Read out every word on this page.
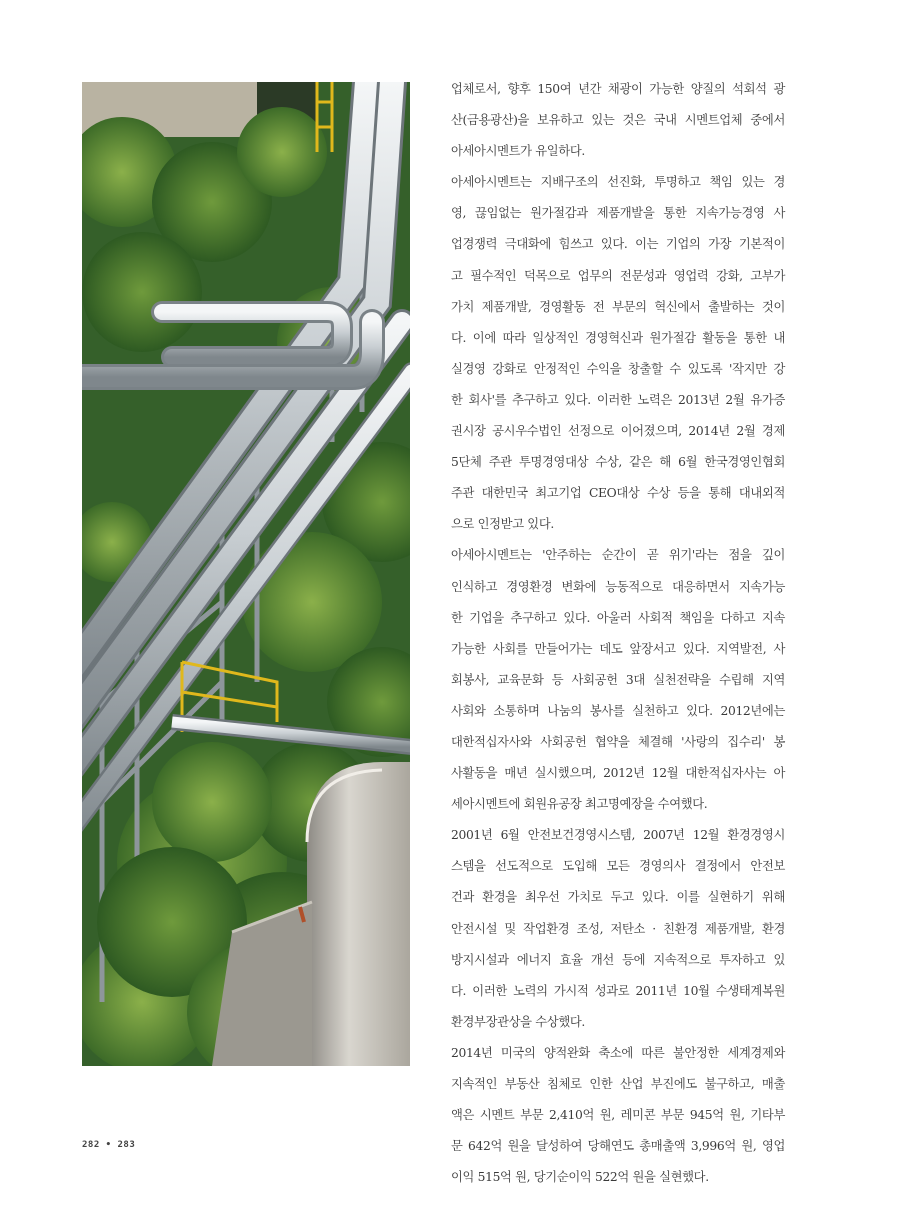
업체로서, 향후 150여 년간 채광이 가능한 양질의 석회석 광
산(금용광산)을 보유하고 있는 것은 국내 시멘트업체 중에서
아세아시멘트가 유일하다.
아세아시멘트는 지배구조의 선진화, 투명하고 책임 있는 경
영, 끊임없는 원가절감과 제품개발을 통한 지속가능경영 사
업경쟁력 극대화에 힘쓰고 있다. 이는 기업의 가장 기본적이
고 필수적인 덕목으로 업무의 전문성과 영업력 강화, 고부가
가치 제품개발, 경영활동 전 부문의 혁신에서 출발하는 것이
다. 이에 따라 일상적인 경영혁신과 원가절감 활동을 통한 내
실경영 강화로 안정적인 수익을 창출할 수 있도록 '작지만 강
한 회사'를 추구하고 있다. 이러한 노력은 2013년 2월 유가증
권시장 공시우수법인 선정으로 이어졌으며, 2014년 2월 경제
5단체 주관 투명경영대상 수상, 같은 해 6월 한국경영인협회
주관 대한민국 최고기업 CEO대상 수상 등을 통해 대내외적
으로 인정받고 있다.
아세아시멘트는 '안주하는 순간이 곧 위기'라는 점을 깊이
인식하고 경영환경 변화에 능동적으로 대응하면서 지속가능
한 기업을 추구하고 있다. 아울러 사회적 책임을 다하고 지속
가능한 사회를 만들어가는 데도 앞장서고 있다. 지역발전, 사
회봉사, 교육문화 등 사회공헌 3대 실천전략을 수립해 지역
사회와 소통하며 나눔의 봉사를 실천하고 있다. 2012년에는
대한적십자사와 사회공헌 협약을 체결해 '사랑의 집수리' 봉
사활동을 매년 실시했으며, 2012년 12월 대한적십자사는 아
세아시멘트에 회원유공장 최고명예장을 수여했다.
2001년 6월 안전보건경영시스템, 2007년 12월 환경경영시
스템을 선도적으로 도입해 모든 경영의사 결정에서 안전보
건과 환경을 최우선 가치로 두고 있다. 이를 실현하기 위해
안전시설 및 작업환경 조성, 저탄소 · 친환경 제품개발, 환경
방지시설과 에너지 효율 개선 등에 지속적으로 투자하고 있
다. 이러한 노력의 가시적 성과로 2011년 10월 수생태계복원
환경부장관상을 수상했다.
2014년 미국의 양적완화 축소에 따른 불안정한 세계경제와
지속적인 부동산 침체로 인한 산업 부진에도 불구하고, 매출
액은 시멘트 부문 2,410억 원, 레미콘 부문 945억 원, 기타부
문 642억 원을 달성하여 당해연도 총매출액 3,996억 원, 영업
이익 515억 원, 당기순이익 522억 원을 실현했다.
282 • 283
